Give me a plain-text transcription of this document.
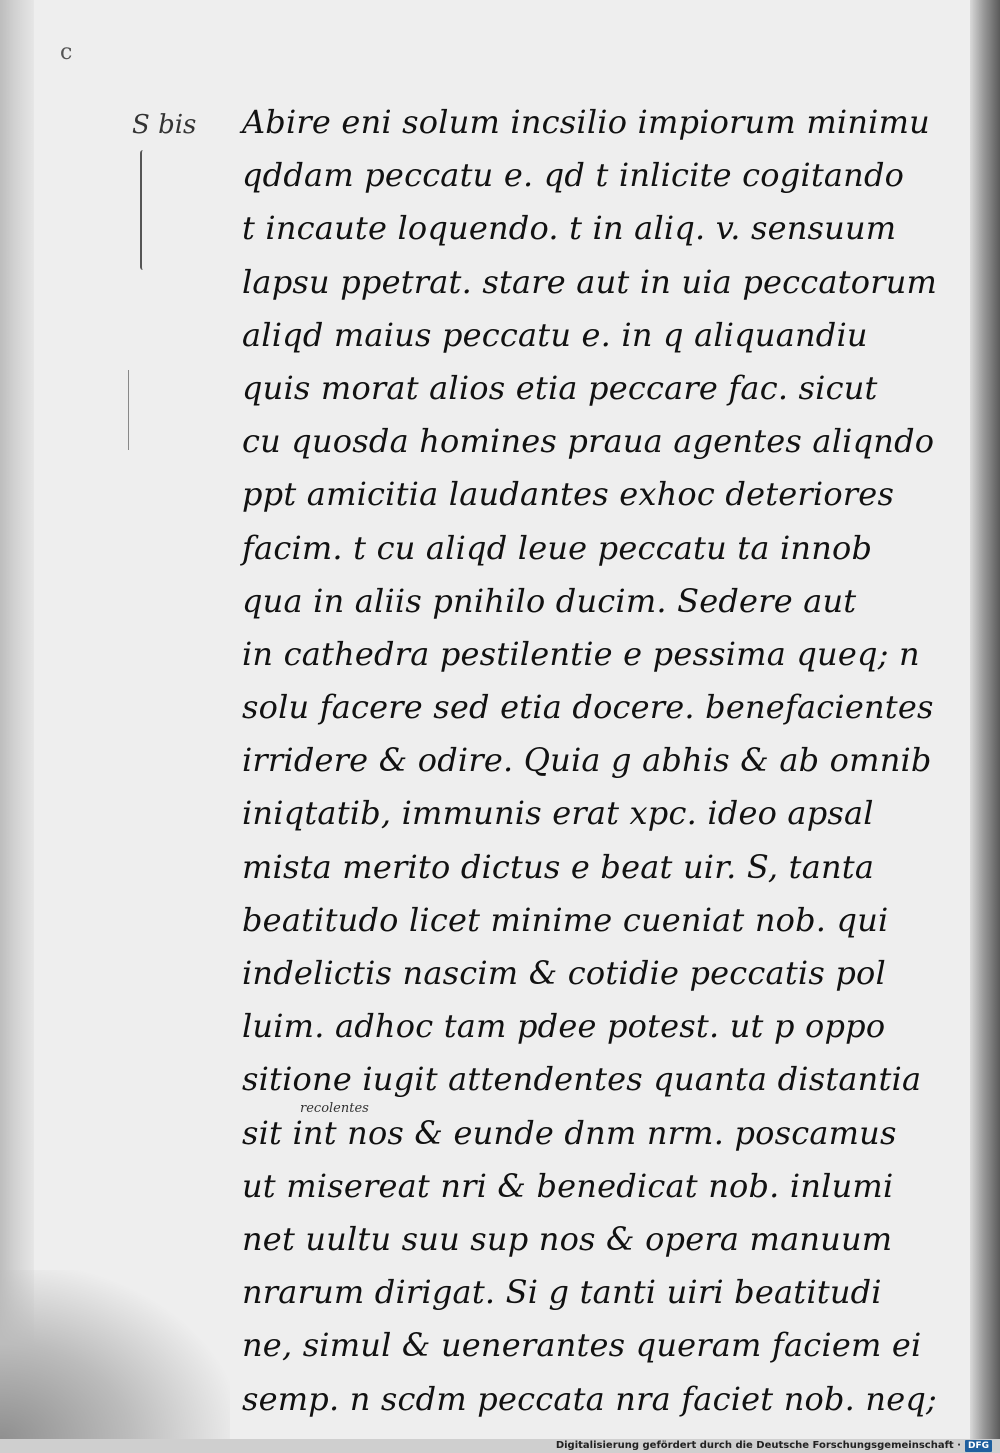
c
S bis Abire eni solum incsilio impiorum minimu
qddam peccatu e. qd t inlicite cogitando
t incaute loquendo. t in aliq. v. sensuum
lapsu ppetrat. stare aut in uia peccatorum
aliqd maius peccatu e. in q aliquandiu
quis morat alios etia peccare fac. sicut
cu quosda homines praua agentes aliqndo
ppt amicitia laudantes exhoc deteriores
facim. t cu aliqd leue peccatu ta innob
qua in aliis pnihilo ducim. Sedere aut
in cathedra pestilentie e pessima queq; n
solu facere sed etia docere. benefacientes
irridere & odire. Quia g abhis & ab omnib
iniqtatib, immunis erat xpc. ideo apsal
mista merito dictus e beat uir. S, tanta
beatitudo licet minime cueniat nob. qui
indelictis nascim & cotidie peccatis pol
luim. adhoc tam pdee potest. ut p oppo
sitione iugit attendentes quanta distantia
sit int nos & eunde dnm nrm. poscamus
ut misereat nri & benedicat nob. inlumi
net uultu suu sup nos & opera manuum
nrarum dirigat. Si g tanti uiri beatitudi
ne, simul & uenerantes queram faciem ei
semp. n scdm peccata nra faciet nob. neq;
recolentes
Digitalisierung gefördert durch die Deutsche Forschungsgemeinschaft · DFG
